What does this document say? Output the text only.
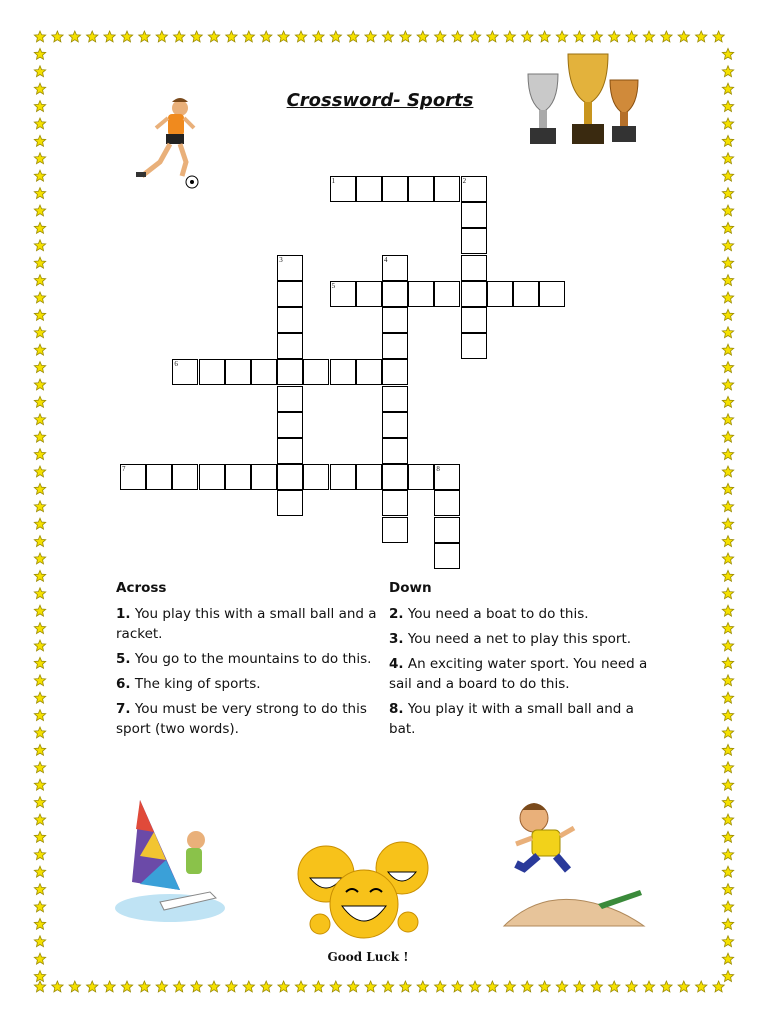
Crossword- Sports
1	2
3	4
5
6
7	8
Across
1. You play this with a small ball and a racket.
5. You go to the mountains to do this.
6. The king of sports.
7. You must be very strong to do this sport (two words).
Down
2. You need a boat to do this.
3. You need a net to play this sport.
4. An exciting water sport. You need a sail and a board to do this.
8. You play it with a small ball and a bat.
Good Luck !
